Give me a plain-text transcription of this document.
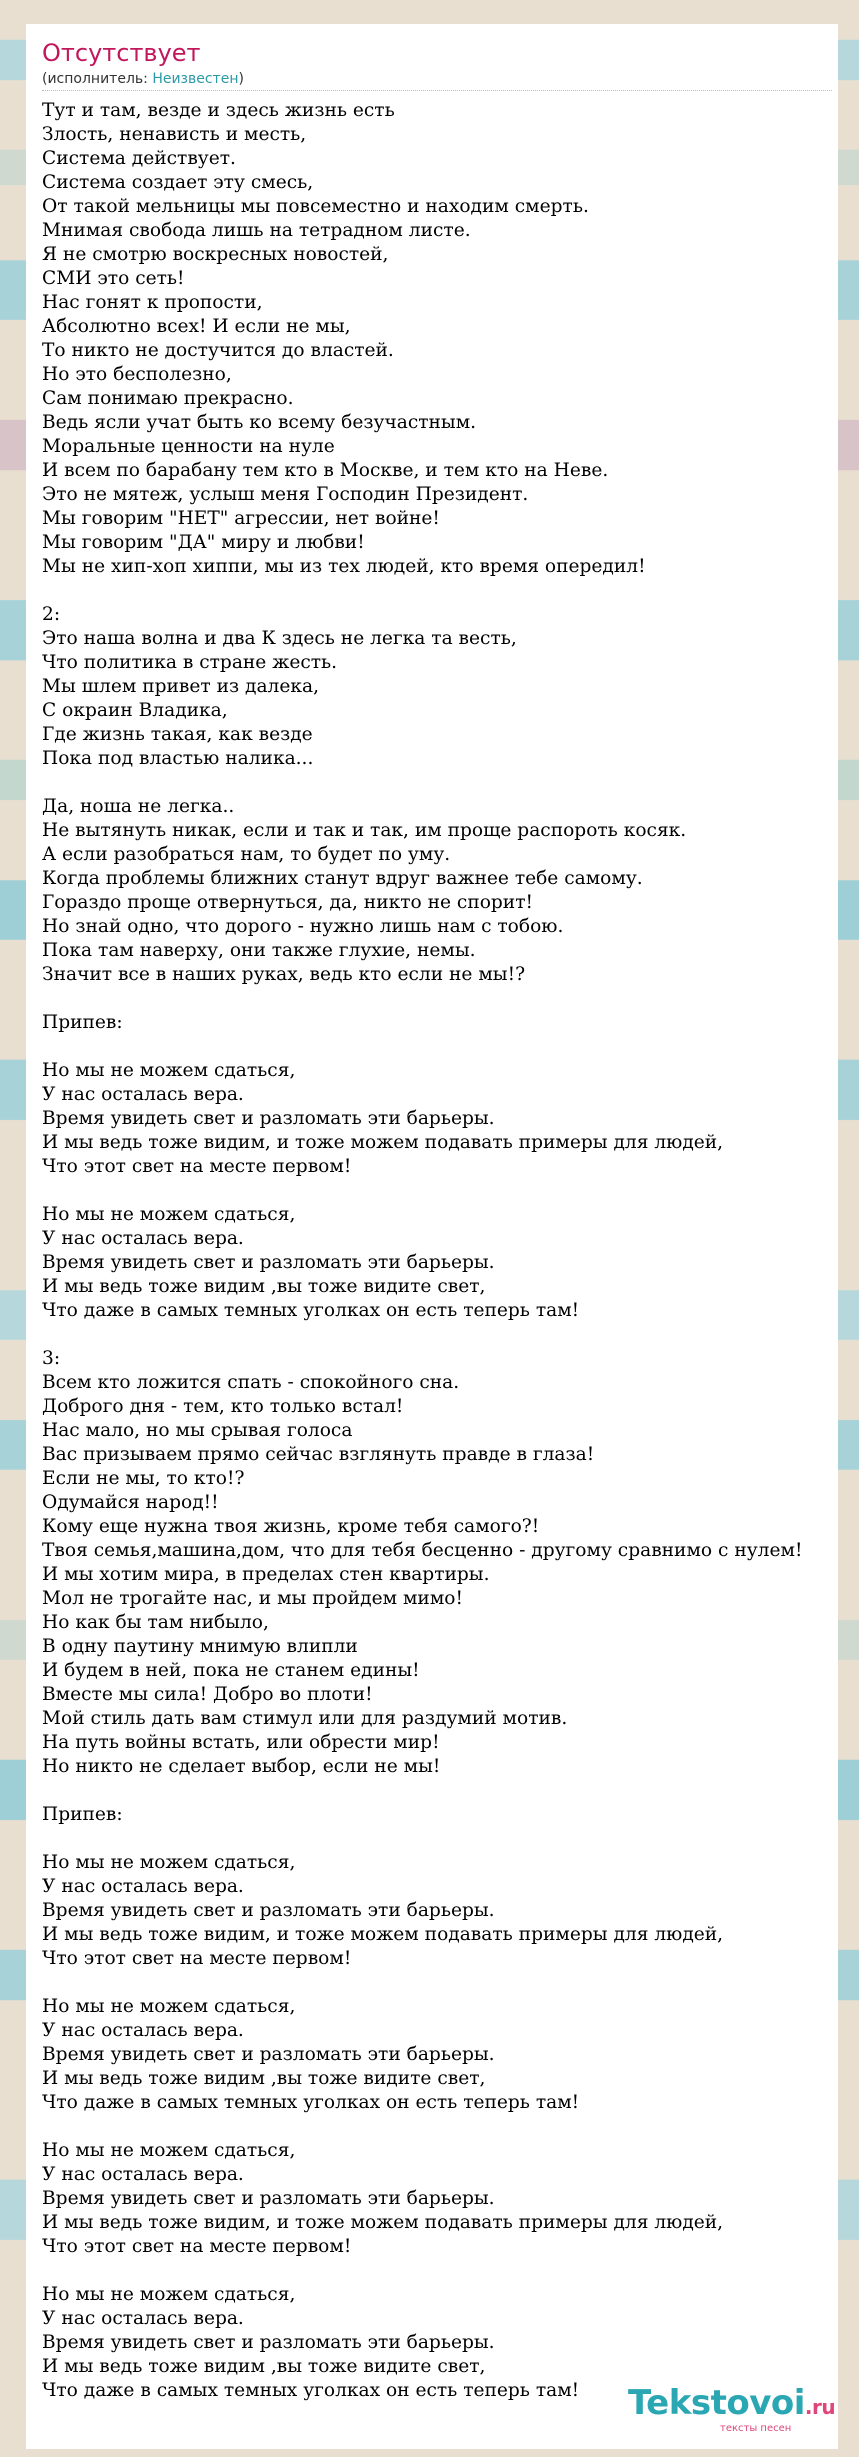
Отсутствует
(исполнитель: Неизвестен)
Тут и там, везде и здесь жизнь есть
Злость, ненависть и месть,
Система действует.
Система создает эту смесь,
От такой мельницы мы повсеместно и находим смерть.
Мнимая свобода лишь на тетрадном листе.
Я не смотрю воскресных новостей,
СМИ это сеть!
Нас гонят к пропости,
Абсолютно всех! И если не мы,
То никто не достучится до властей.
Но это бесполезно,
Сам понимаю прекрасно.
Ведь ясли учат быть ко всему безучастным.
Моральные ценности на нуле
И всем по барабану тем кто в Москве, и тем кто на Неве.
Это не мятеж, услыш меня Господин Президент.
Мы говорим "НЕТ" агрессии, нет войне!
Мы говорим "ДА" миру и любви!
Мы не хип-хоп хиппи, мы из тех людей, кто время опередил!
2:
Это наша волна и два К здесь не легка та весть,
Что политика в стране жесть.
Мы шлем привет из далека,
С окраин Владика,
Где жизнь такая, как везде
Пока под властью налика...
Да, ноша не легка..
Не вытянуть никак, если и так и так, им проще распороть косяк.
А если разобраться нам, то будет по уму.
Когда проблемы ближних станут вдруг важнее тебе самому.
Гораздо проще отвернуться, да, никто не спорит!
Но знай одно, что дорого - нужно лишь нам с тобою.
Пока там наверху, они также глухие, немы.
Значит все в наших руках, ведь кто если не мы!?
Припев:
Но мы не можем сдаться,
У нас осталась вера.
Время увидеть свет и разломать эти барьеры.
И мы ведь тоже видим, и тоже можем подавать примеры для людей,
Что этот свет на месте первом!
Но мы не можем сдаться,
У нас осталась вера.
Время увидеть свет и разломать эти барьеры.
И мы ведь тоже видим ,вы тоже видите свет,
Что даже в самых темных уголках он есть теперь там!
3:
Всем кто ложится спать - спокойного сна.
Доброго дня - тем, кто только встал!
Нас мало, но мы срывая голоса
Вас призываем прямо сейчас взглянуть правде в глаза!
Если не мы, то кто!?
Одумайся народ!!
Кому еще нужна твоя жизнь, кроме тебя самого?!
Твоя семья,машина,дом, что для тебя бесценно - другому сравнимо с нулем!
И мы хотим мира, в пределах стен квартиры.
Мол не трогайте нас, и мы пройдем мимо!
Но как бы там нибыло,
В одну паутину мнимую влипли
И будем в ней, пока не станем едины!
Вместе мы сила! Добро во плоти!
Мой стиль дать вам стимул или для раздумий мотив.
На путь войны встать, или обрести мир!
Но никто не сделает выбор, если не мы!
Припев:
Но мы не можем сдаться,
У нас осталась вера.
Время увидеть свет и разломать эти барьеры.
И мы ведь тоже видим, и тоже можем подавать примеры для людей,
Что этот свет на месте первом!
Но мы не можем сдаться,
У нас осталась вера.
Время увидеть свет и разломать эти барьеры.
И мы ведь тоже видим ,вы тоже видите свет,
Что даже в самых темных уголках он есть теперь там!
Но мы не можем сдаться,
У нас осталась вера.
Время увидеть свет и разломать эти барьеры.
И мы ведь тоже видим, и тоже можем подавать примеры для людей,
Что этот свет на месте первом!
Но мы не можем сдаться,
У нас осталась вера.
Время увидеть свет и разломать эти барьеры.
И мы ведь тоже видим ,вы тоже видите свет,
Что даже в самых темных уголках он есть теперь там!	Tekstovoi.ru
тексты песен
